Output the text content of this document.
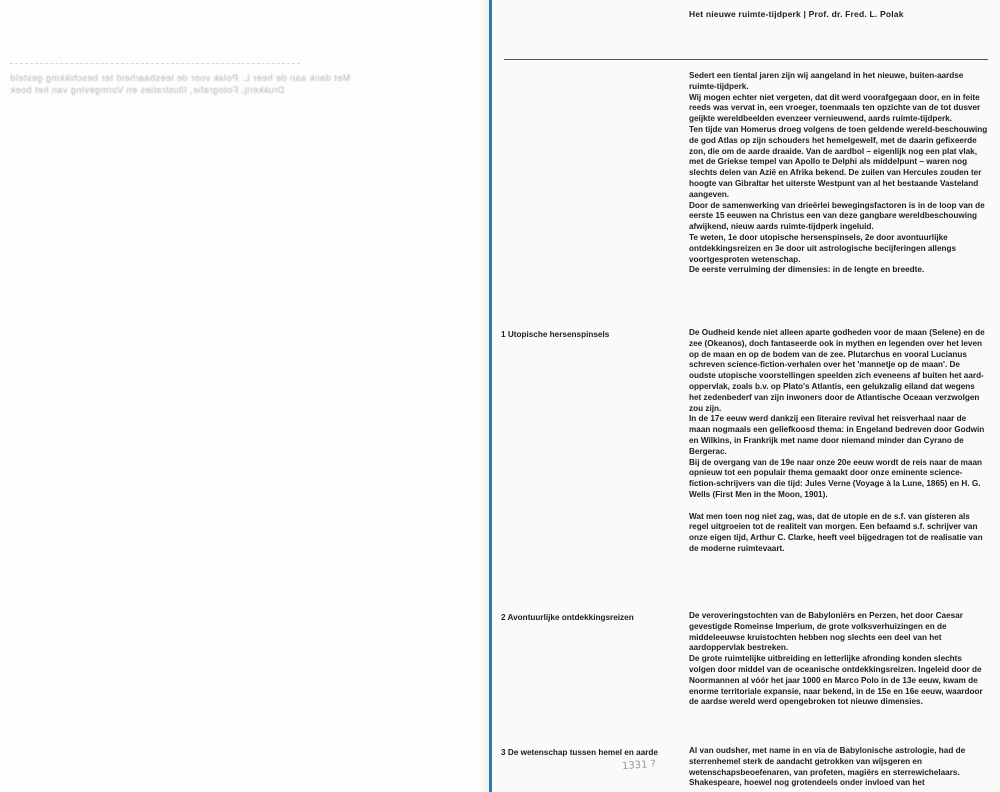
Met dank aan de heer L. Polak voor de leesbaarheid ter beschikking gesteld
Drukkerij, Fotografie, Illustraties en Vormgeving van het boek
Het nieuwe ruimte-tijdperk | Prof. dr. Fred. L. Polak

Sedert een tiental jaren zijn wij aangeland in het nieuwe, buiten-aardse ruimte-tijdperk.

Wij mogen echter niet vergeten, dat dit werd voorafgegaan door, en in feite reeds was vervat in, een vroeger, toenmaals ten opzichte van de tot dusver geijkte wereldbeelden evenzeer vernieuwend, aards ruimte-tijdperk.

Ten tijde van Homerus droeg volgens de toen geldende wereld-beschouwing de god Atlas op zijn schouders het hemelgewelf, met de daarin gefixeerde zon, die om de aarde draaide. Van de aardbol – eigenlijk nog een plat vlak, met de Griekse tempel van Apollo te Delphi als middelpunt – waren nog slechts delen van Azië en Afrika bekend. De zuilen van Hercules zouden ter hoogte van Gibraltar het uiterste Westpunt van al het bestaande Vasteland aangeven.

Door de samenwerking van drieërlei bewegingsfactoren is in de loop van de eerste 15 eeuwen na Christus een van deze gangbare wereldbeschouwing afwijkend, nieuw aards ruimte-tijdperk ingeluid.

Te weten, 1e door utopische hersenspinsels, 2e door avontuurlijke ontdekkingsreizen en 3e door uit astrologische becijferingen allengs voortgesproten wetenschap.

De eerste verruiming der dimensies: in de lengte en breedte.

1 Utopische hersenspinsels	De Oudheid kende niet alleen aparte godheden voor de maan (Selene) en de zee (Okeanos), doch fantaseerde ook in mythen en legenden over het leven op de maan en op de bodem van de zee. Plutarchus en vooral Lucianus schreven science-fiction-verhalen over het 'mannetje op de maan'. De oudste utopische voorstellingen speelden zich eveneens af buiten het aard-oppervlak, zoals b.v. op Plato's Atlantis, een gelukzalig eiland dat wegens het zedenbederf van zijn inwoners door de Atlantische Oceaan verzwolgen zou zijn.

In de 17e eeuw werd dankzij een literaire revival het reisverhaal naar de maan nogmaals een geliefkoosd thema: in Engeland bedreven door Godwin en Wilkins, in Frankrijk met name door niemand minder dan Cyrano de Bergerac.

Bij de overgang van de 19e naar onze 20e eeuw wordt de reis naar de maan opnieuw tot een populair thema gemaakt door onze eminente science-fiction-schrijvers van die tijd: Jules Verne (Voyage à la Lune, 1865) en H. G. Wells (First Men in the Moon, 1901).

Wat men toen nog niet zag, was, dat de utopie en de s.f. van gisteren als regel uitgroeien tot de realiteit van morgen. Een befaamd s.f. schrijver van onze eigen tijd, Arthur C. Clarke, heeft veel bijgedragen tot de realisatie van de moderne ruimtevaart.

2 Avontuurlijke ontdekkingsreizen	De veroveringstochten van de Babyloniërs en Perzen, het door Caesar gevestigde Romeinse Imperium, de grote volksverhuizingen en de middeleeuwse kruistochten hebben nog slechts een deel van het aardoppervlak bestreken.

De grote ruimtelijke uitbreiding en letterlijke afronding konden slechts volgen door middel van de oceanische ontdekkingsreizen. Ingeleid door de Noormannen al vóór het jaar 1000 en Marco Polo in de 13e eeuw, kwam de enorme territoriale expansie, naar bekend, in de 15e en 16e eeuw, waardoor de aardse wereld werd opengebroken tot nieuwe dimensies.

3 De wetenschap tussen hemel en aarde
1331 ?

Al van oudsher, met name in en via de Babylonische astrologie, had de sterrenhemel sterk de aandacht getrokken van wijsgeren en wetenschapsbeoefenaren, van profeten, magiërs en sterrewichelaars. Shakespeare, hoewel nog grotendeels onder invloed van het
